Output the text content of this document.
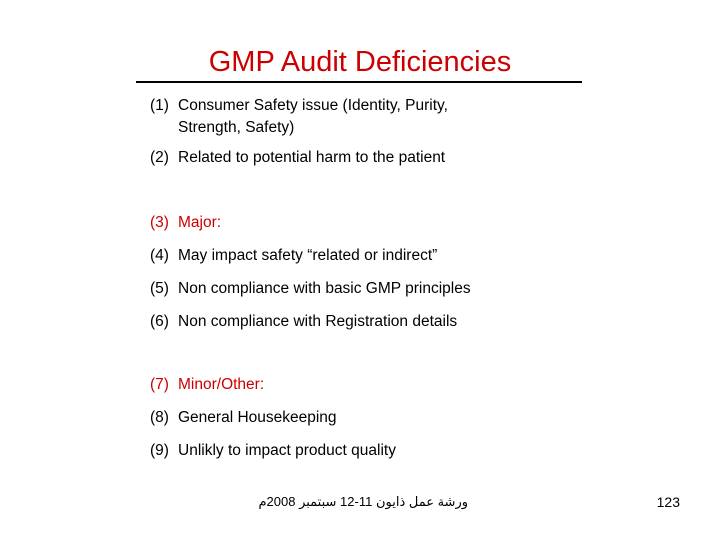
GMP Audit Deficiencies
(1) Consumer Safety issue (Identity, Purity,
Strength, Safety)
(2) Related to potential harm to the patient
(3) Major:
(4) May impact safety “related or indirect”
(5) Non compliance with basic GMP principles
(6) Non compliance with Registration details
(7) Minor/Other:
(8) General Housekeeping
(9) Unlikly to impact product quality
ورشة عمل ذايون 11-12 سبتمبر 2008م	123
